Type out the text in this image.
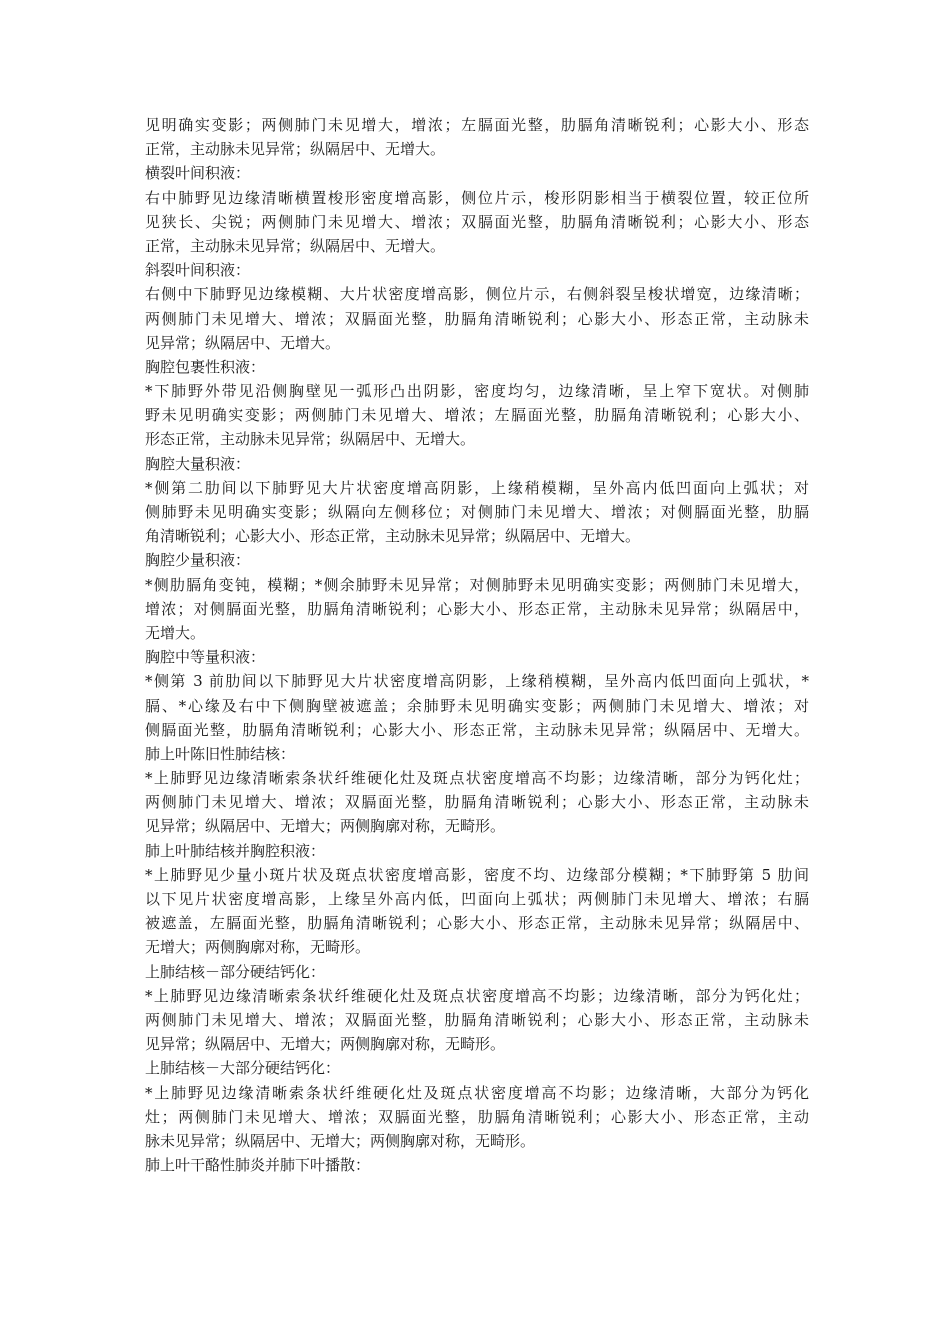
见明确实变影；两侧肺门未见增大，增浓；左膈面光整，肋膈角清晰锐利；心影大小、形态
正常，主动脉未见异常；纵隔居中、无增大。
横裂叶间积液：
右中肺野见边缘清晰横置梭形密度增高影，侧位片示，梭形阴影相当于横裂位置，较正位所
见狭长、尖锐；两侧肺门未见增大、增浓；双膈面光整，肋膈角清晰锐利；心影大小、形态
正常，主动脉未见异常；纵隔居中、无增大。
斜裂叶间积液：
右侧中下肺野见边缘模糊、大片状密度增高影，侧位片示，右侧斜裂呈梭状增宽，边缘清晰；
两侧肺门未见增大、增浓；双膈面光整，肋膈角清晰锐利；心影大小、形态正常，主动脉未
见异常；纵隔居中、无增大。
胸腔包裹性积液：
*下肺野外带见沿侧胸壁见一弧形凸出阴影，密度均匀，边缘清晰，呈上窄下宽状。对侧肺
野未见明确实变影；两侧肺门未见增大、增浓；左膈面光整，肋膈角清晰锐利；心影大小、
形态正常，主动脉未见异常；纵隔居中、无增大。
胸腔大量积液：
*侧第二肋间以下肺野见大片状密度增高阴影，上缘稍模糊，呈外高内低凹面向上弧状；对
侧肺野未见明确实变影；纵隔向左侧移位；对侧肺门未见增大、增浓；对侧膈面光整，肋膈
角清晰锐利；心影大小、形态正常，主动脉未见异常；纵隔居中、无增大。
胸腔少量积液：
*侧肋膈角变钝，模糊；*侧余肺野未见异常；对侧肺野未见明确实变影；两侧肺门未见增大，
增浓；对侧膈面光整，肋膈角清晰锐利；心影大小、形态正常，主动脉未见异常；纵隔居中，
无增大。
胸腔中等量积液：
*侧第 3 前肋间以下肺野见大片状密度增高阴影，上缘稍模糊，呈外高内低凹面向上弧状，*
膈、*心缘及右中下侧胸壁被遮盖；余肺野未见明确实变影；两侧肺门未见增大、增浓；对
侧膈面光整，肋膈角清晰锐利；心影大小、形态正常，主动脉未见异常；纵隔居中、无增大。
肺上叶陈旧性肺结核：
*上肺野见边缘清晰索条状纤维硬化灶及斑点状密度增高不均影；边缘清晰，部分为钙化灶；
两侧肺门未见增大、增浓；双膈面光整，肋膈角清晰锐利；心影大小、形态正常，主动脉未
见异常；纵隔居中、无增大；两侧胸廓对称，无畸形。
肺上叶肺结核并胸腔积液：
*上肺野见少量小斑片状及斑点状密度增高影，密度不均、边缘部分模糊；*下肺野第 5 肋间
以下见片状密度增高影，上缘呈外高内低，凹面向上弧状；两侧肺门未见增大、增浓；右膈
被遮盖，左膈面光整，肋膈角清晰锐利；心影大小、形态正常，主动脉未见异常；纵隔居中、
无增大；两侧胸廓对称，无畸形。
上肺结核－部分硬结钙化：
*上肺野见边缘清晰索条状纤维硬化灶及斑点状密度增高不均影；边缘清晰，部分为钙化灶；
两侧肺门未见增大、增浓；双膈面光整，肋膈角清晰锐利；心影大小、形态正常，主动脉未
见异常；纵隔居中、无增大；两侧胸廓对称，无畸形。
上肺结核－大部分硬结钙化：
*上肺野见边缘清晰索条状纤维硬化灶及斑点状密度增高不均影；边缘清晰，大部分为钙化
灶；两侧肺门未见增大、增浓；双膈面光整，肋膈角清晰锐利；心影大小、形态正常，主动
脉未见异常；纵隔居中、无增大；两侧胸廓对称，无畸形。
肺上叶干酪性肺炎并肺下叶播散：
